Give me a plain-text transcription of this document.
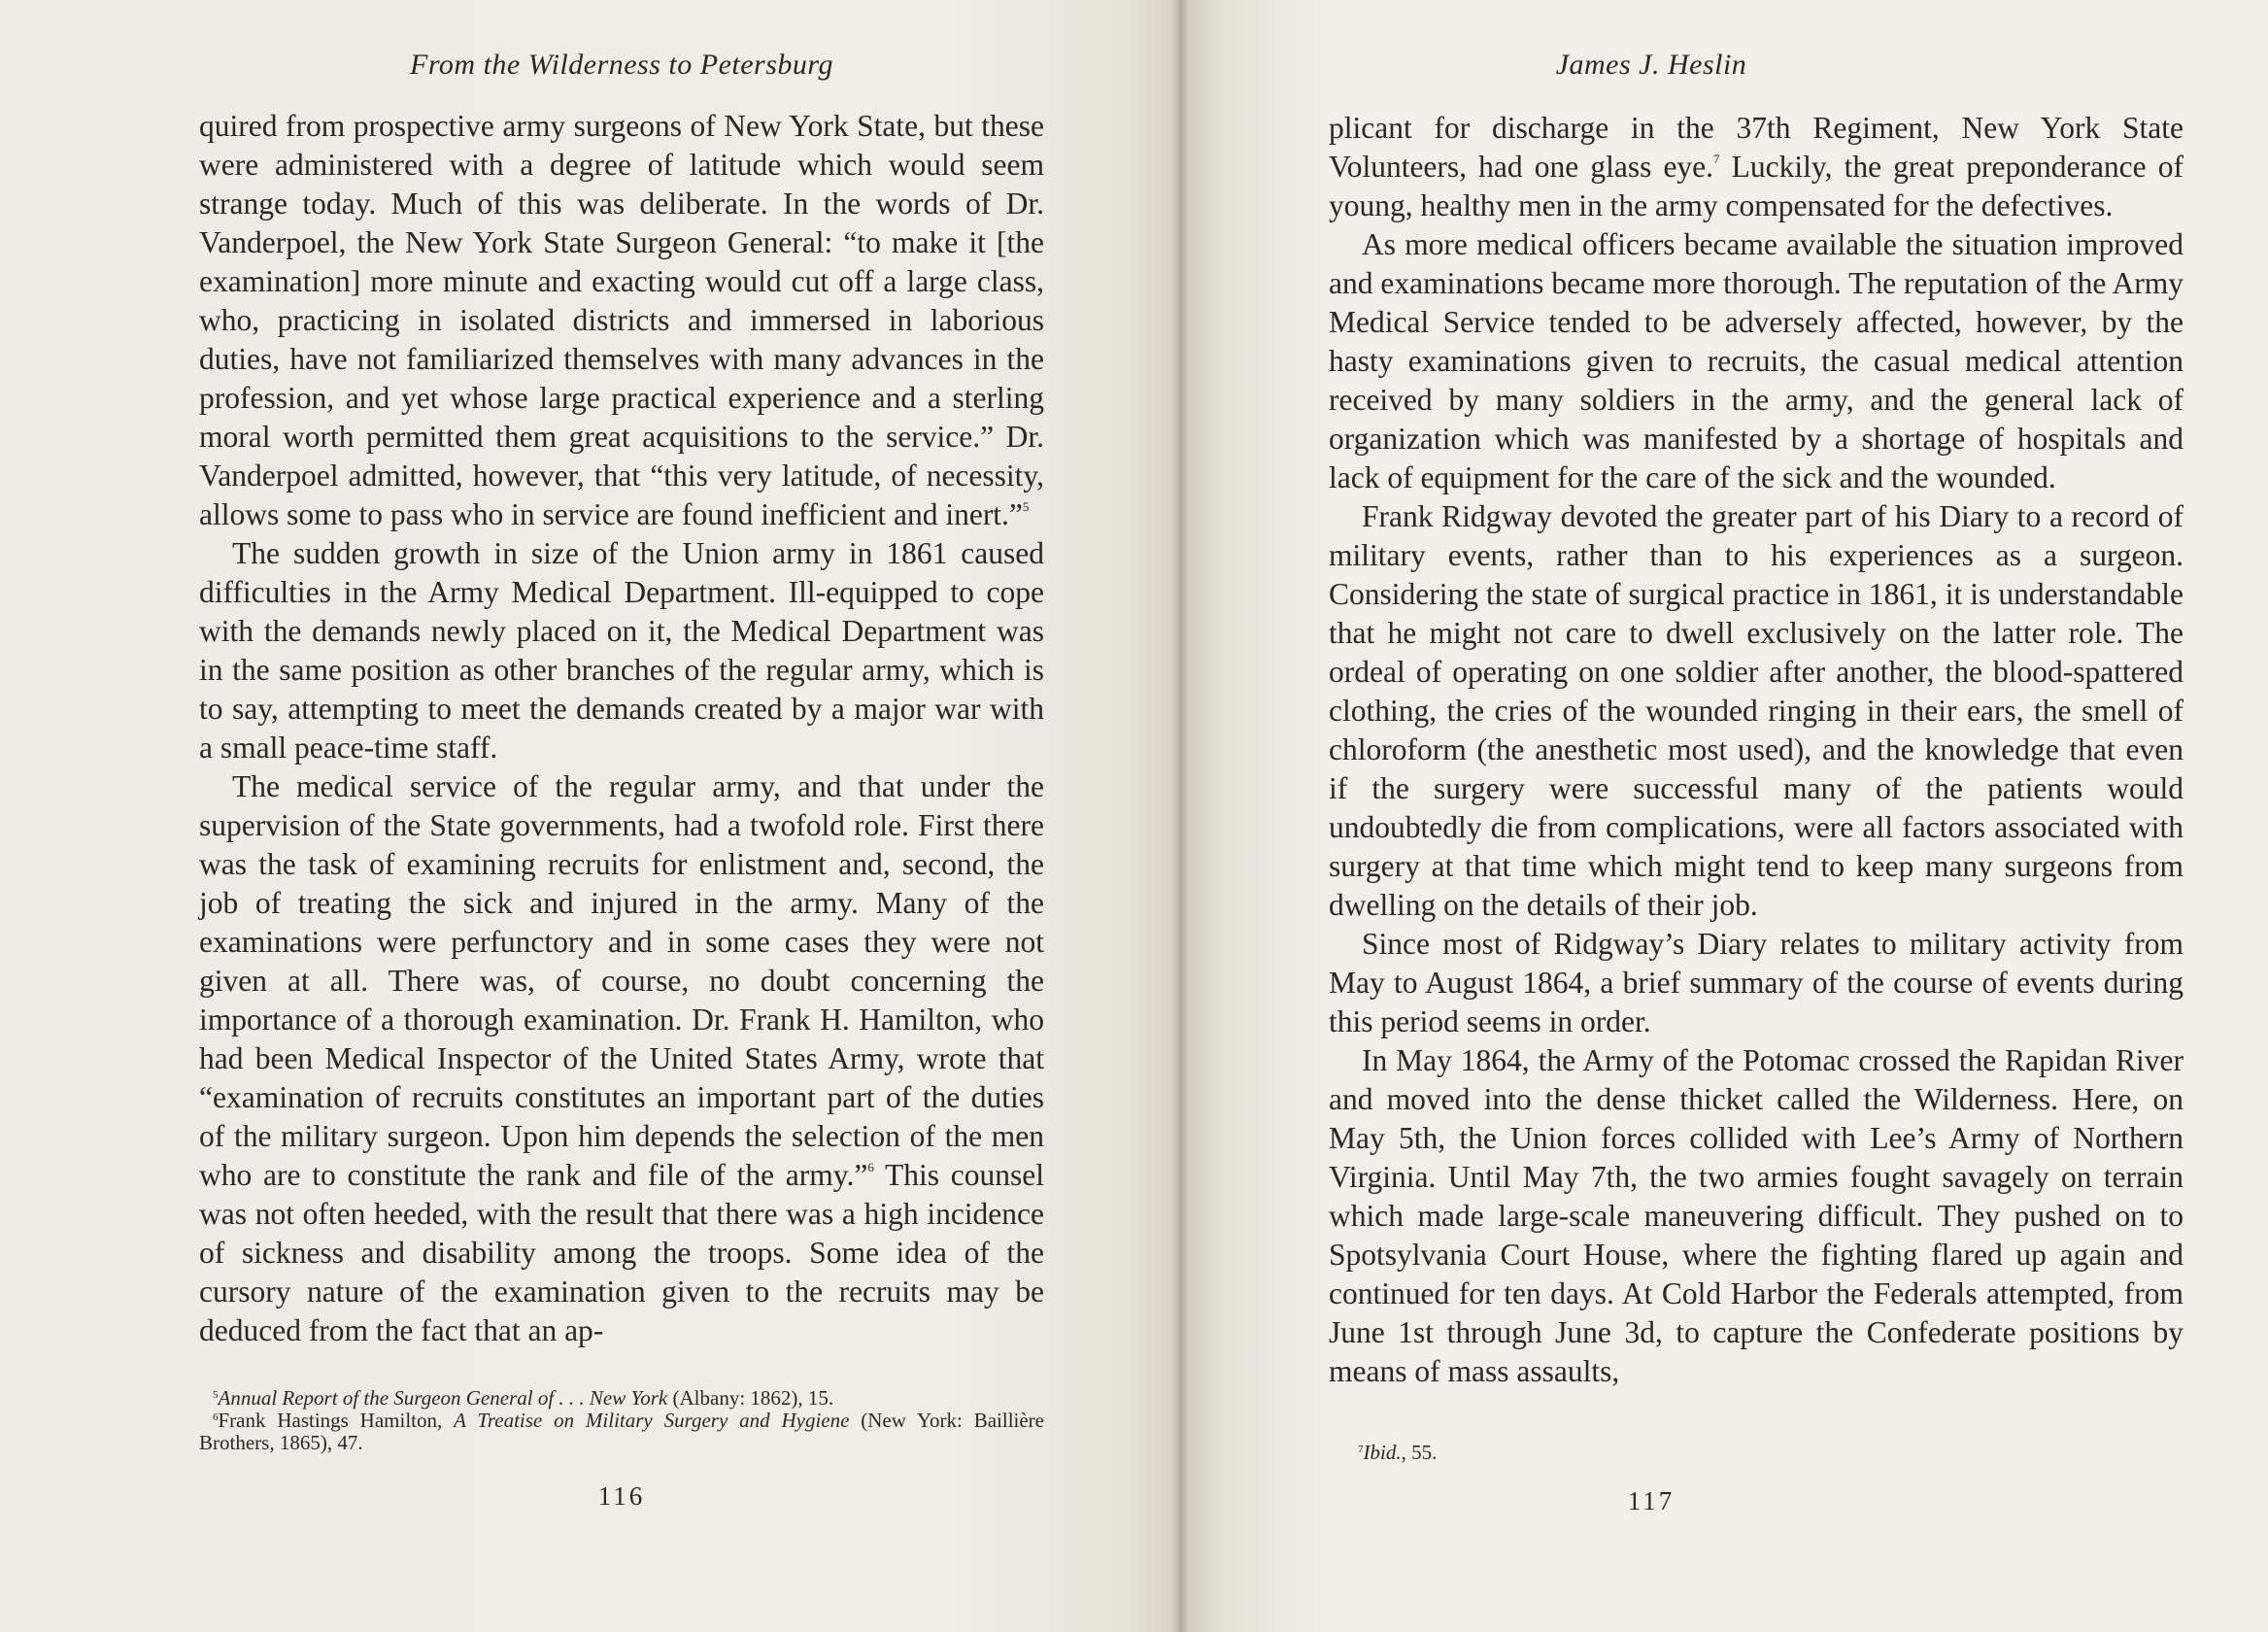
From the Wilderness to Petersburg

quired from prospective army surgeons of New York State, but these were administered with a degree of latitude which would seem strange today. Much of this was deliberate. In the words of Dr. Vanderpoel, the New York State Surgeon General: “to make it [the examination] more minute and exacting would cut off a large class, who, practicing in isolated districts and immersed in laborious duties, have not familiarized themselves with many advances in the profession, and yet whose large practical experience and a sterling moral worth permitted them great acquisitions to the service.” Dr. Vanderpoel admitted, however, that “this very latitude, of necessity, allows some to pass who in service are found inefficient and inert.”$^5$

The sudden growth in size of the Union army in 1861 caused difficulties in the Army Medical Department. Ill-equipped to cope with the demands newly placed on it, the Medical Department was in the same position as other branches of the regular army, which is to say, attempting to meet the demands created by a major war with a small peace-time staff.

The medical service of the regular army, and that under the supervision of the State governments, had a twofold role. First there was the task of examining recruits for enlistment and, second, the job of treating the sick and injured in the army. Many of the examinations were perfunctory and in some cases they were not given at all. There was, of course, no doubt concerning the importance of a thorough examination. Dr. Frank H. Hamilton, who had been Medical Inspector of the United States Army, wrote that “examination of recruits constitutes an important part of the duties of the military surgeon. Upon him depends the selection of the men who are to constitute the rank and file of the army.”$^6$ This counsel was not often heeded, with the result that there was a high incidence of sickness and disability among the troops. Some idea of the cursory nature of the examination given to the recruits may be deduced from the fact that an ap-

$^5$Annual Report of the Surgeon General of . . . New York (Albany: 1862), 15.

$^6$Frank Hastings Hamilton, A Treatise on Military Surgery and Hygiene (New York: Baillière Brothers, 1865), 47.

116
James J. Heslin

plicant for discharge in the 37th Regiment, New York State Volunteers, had one glass eye.$^7$ Luckily, the great preponderance of young, healthy men in the army compensated for the defectives.

As more medical officers became available the situation improved and examinations became more thorough. The reputation of the Army Medical Service tended to be adversely affected, however, by the hasty examinations given to recruits, the casual medical attention received by many soldiers in the army, and the general lack of organization which was manifested by a shortage of hospitals and lack of equipment for the care of the sick and the wounded.

Frank Ridgway devoted the greater part of his Diary to a record of military events, rather than to his experiences as a surgeon. Considering the state of surgical practice in 1861, it is understandable that he might not care to dwell exclusively on the latter role. The ordeal of operating on one soldier after another, the blood-spattered clothing, the cries of the wounded ringing in their ears, the smell of chloroform (the anesthetic most used), and the knowledge that even if the surgery were successful many of the patients would undoubtedly die from complications, were all factors associated with surgery at that time which might tend to keep many surgeons from dwelling on the details of their job.

Since most of Ridgway’s Diary relates to military activity from May to August 1864, a brief summary of the course of events during this period seems in order.

In May 1864, the Army of the Potomac crossed the Rapidan River and moved into the dense thicket called the Wilderness. Here, on May 5th, the Union forces collided with Lee’s Army of Northern Virginia. Until May 7th, the two armies fought savagely on terrain which made large-scale maneuvering difficult. They pushed on to Spotsylvania Court House, where the fighting flared up again and continued for ten days. At Cold Harbor the Federals attempted, from June 1st through June 3d, to capture the Confederate positions by means of mass assaults,

$^7$Ibid., 55.

117
